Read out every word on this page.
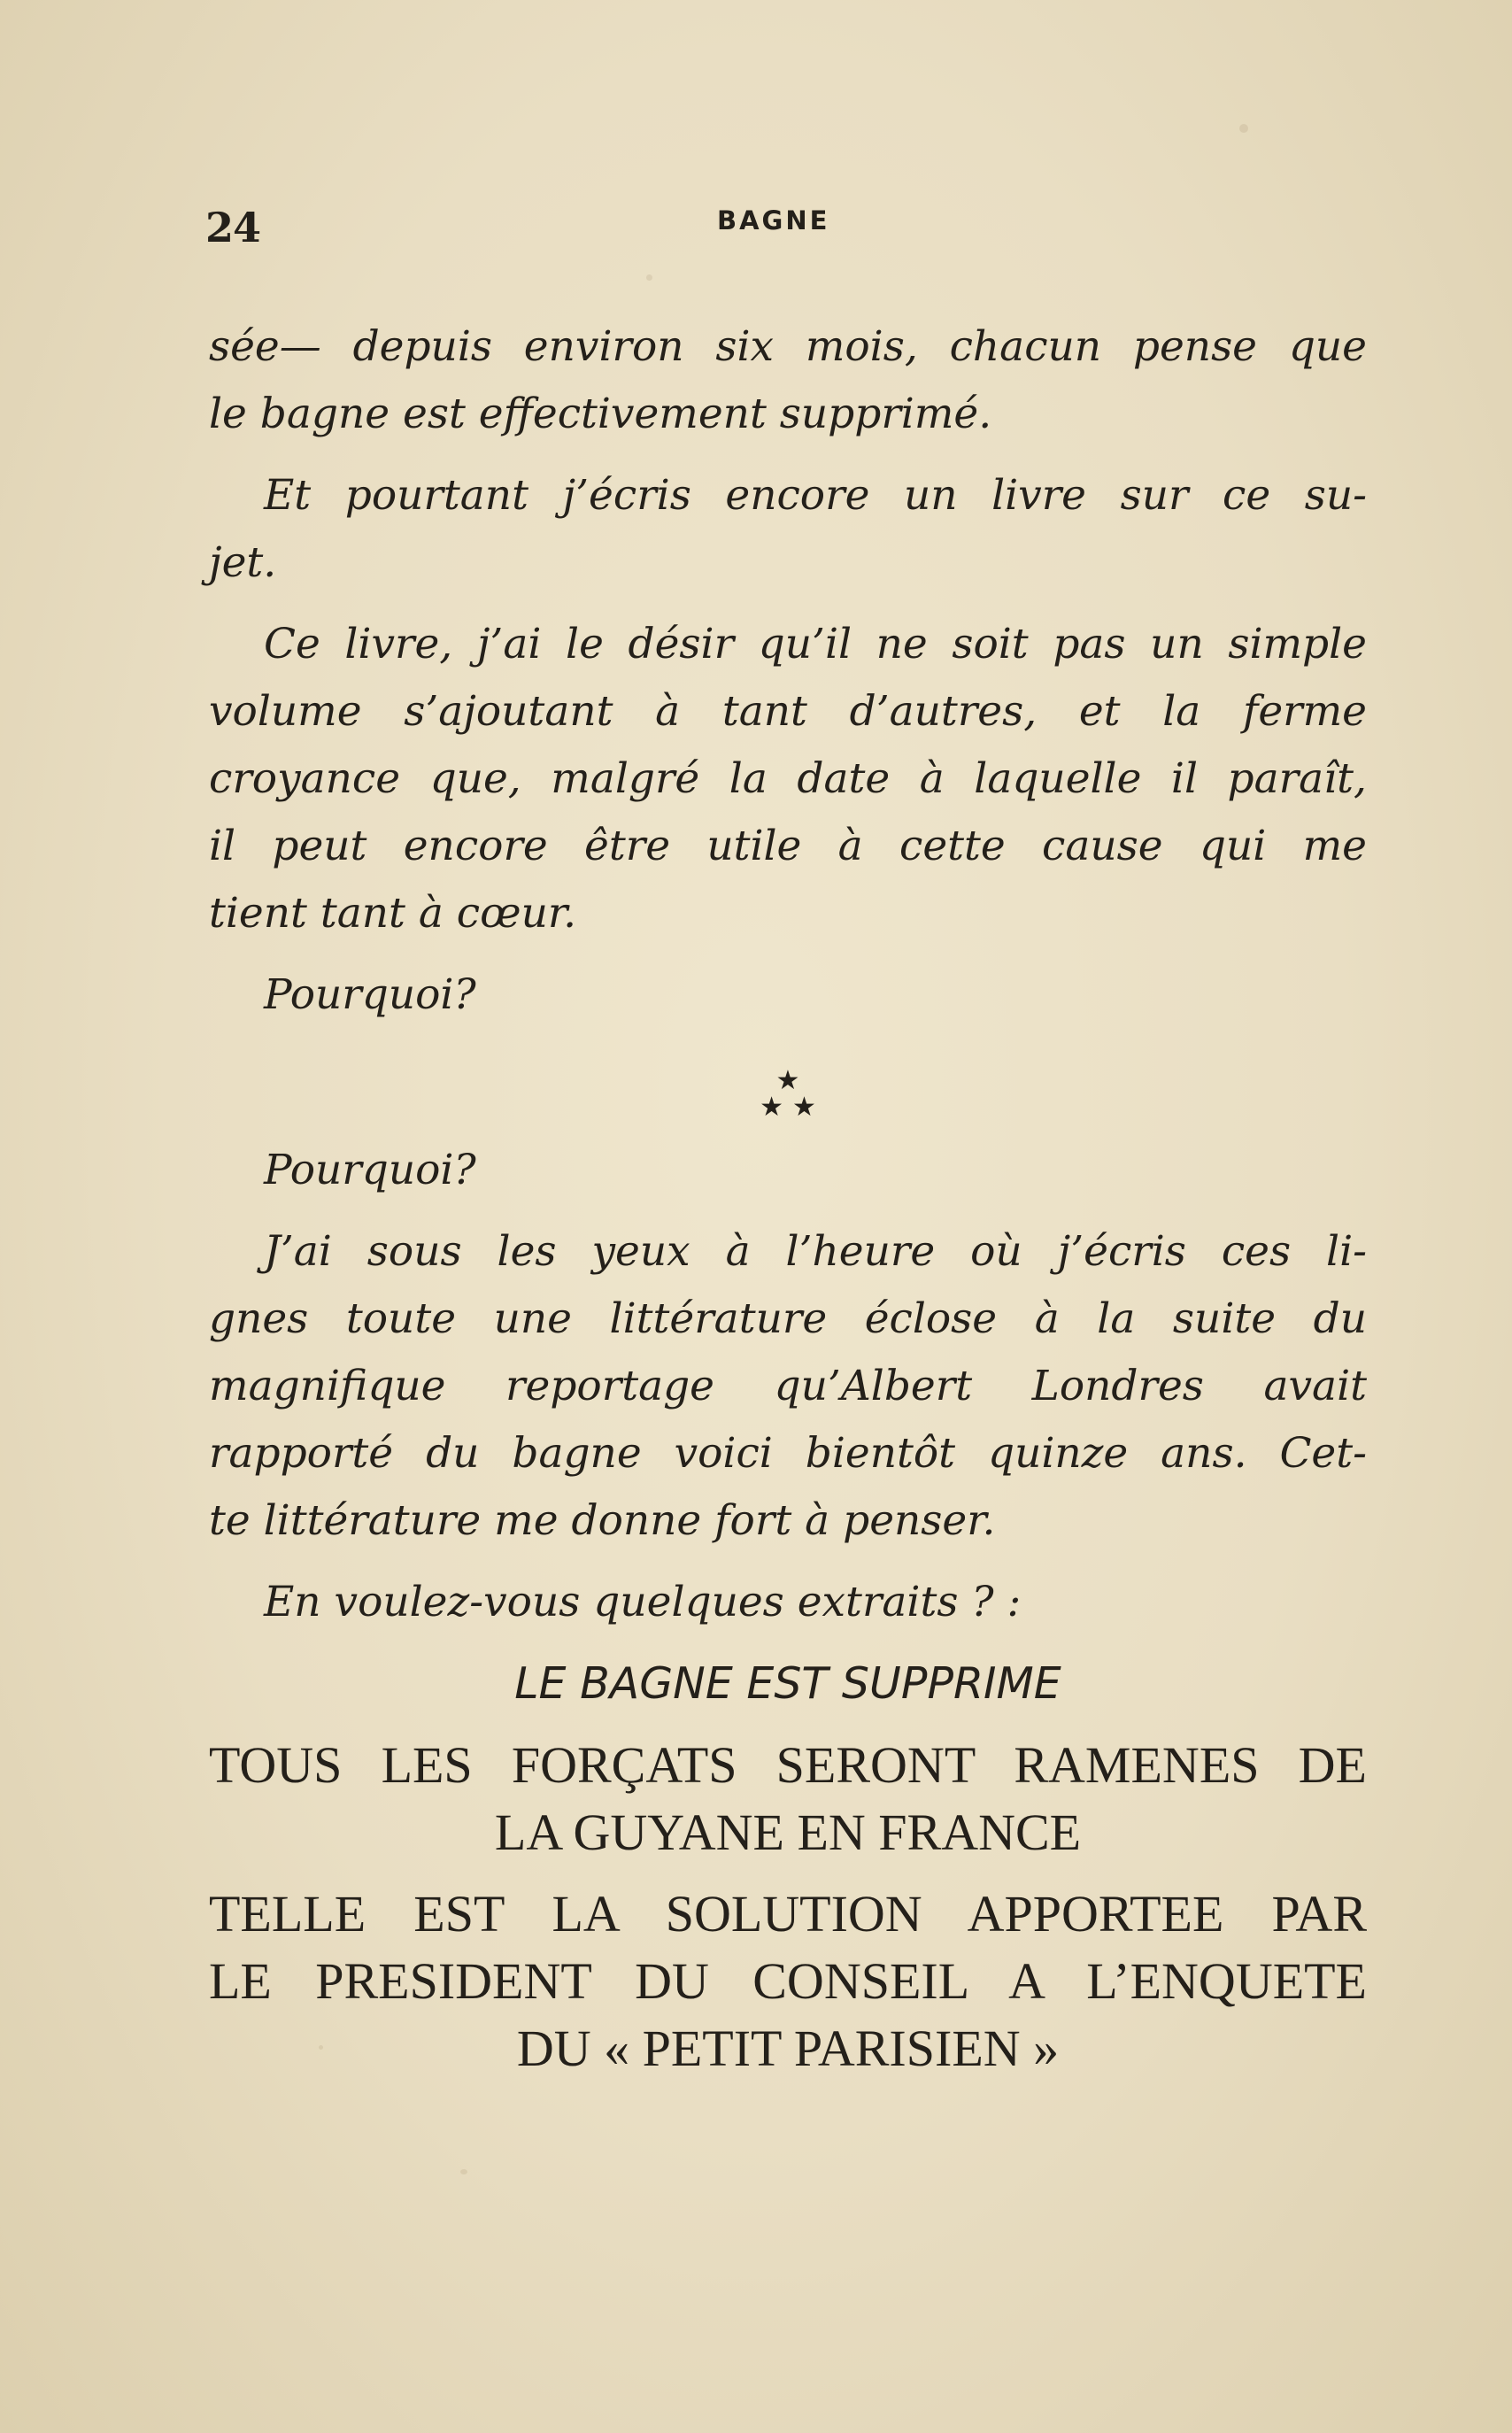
24	BAGNE
sée— depuis environ six mois, chacun pense que
le bagne est effectivement supprimé.
Et pourtant j’écris encore un livre sur ce su-
jet.
Ce livre, j’ai le désir qu’il ne soit pas un simple
volume s’ajoutant à tant d’autres, et la ferme
croyance que, malgré la date à laquelle il paraît,
il peut encore être utile à cette cause qui me
tient tant à cœur.
Pourquoi?
★
★★
Pourquoi?
J’ai sous les yeux à l’heure où j’écris ces li-
gnes toute une littérature éclose à la suite du
magnifique reportage qu’Albert Londres avait
rapporté du bagne voici bientôt quinze ans. Cet-
te littérature me donne fort à penser.
En voulez-vous quelques extraits ? :
LE BAGNE EST SUPPRIME
TOUS LES FORÇATS SERONT RAMENES DE
LA GUYANE EN FRANCE
TELLE EST LA SOLUTION APPORTEE PAR
LE PRESIDENT DU CONSEIL A L’ENQUETE
DU « PETIT PARISIEN »
